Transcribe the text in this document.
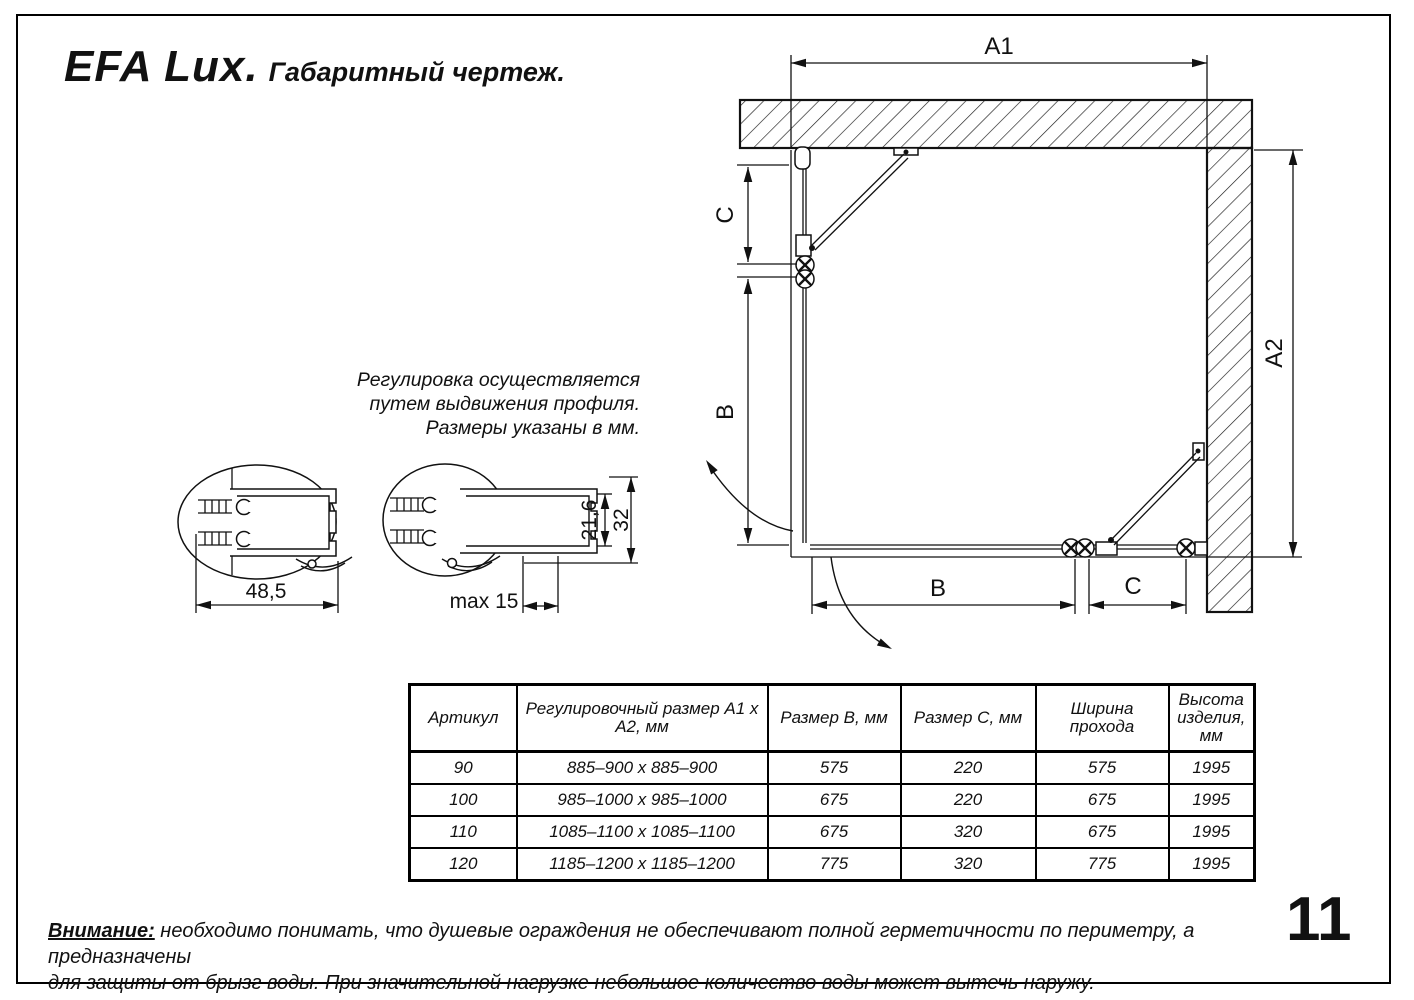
EFA Lux. Габаритный чертеж.
A1
A2
C
B
B	C
Регулировка осуществляется
путем выдвижения профиля.
Размеры указаны в мм.
48,5	max 15
21,6 32
Артикул	Регулировочный размер А1 х А2, мм	Размер В, мм	Размер С, мм	Ширина прохода	Высота изделия, мм
90	885–900 x 885–900	575	220	575	1995
100	985–1000 x 985–1000	675	220	675	1995
110	1085–1100 x 1085–1100	675	320	675	1995
120	1185–1200 x 1185–1200	775	320	775	1995

Внимание: необходимо понимать, что душевые ограждения не обеспечивают полной герметичности по периметру, а предназначены
для защиты от брызг воды. При значительной нагрузке небольшое количество воды может вытечь наружу.

11
